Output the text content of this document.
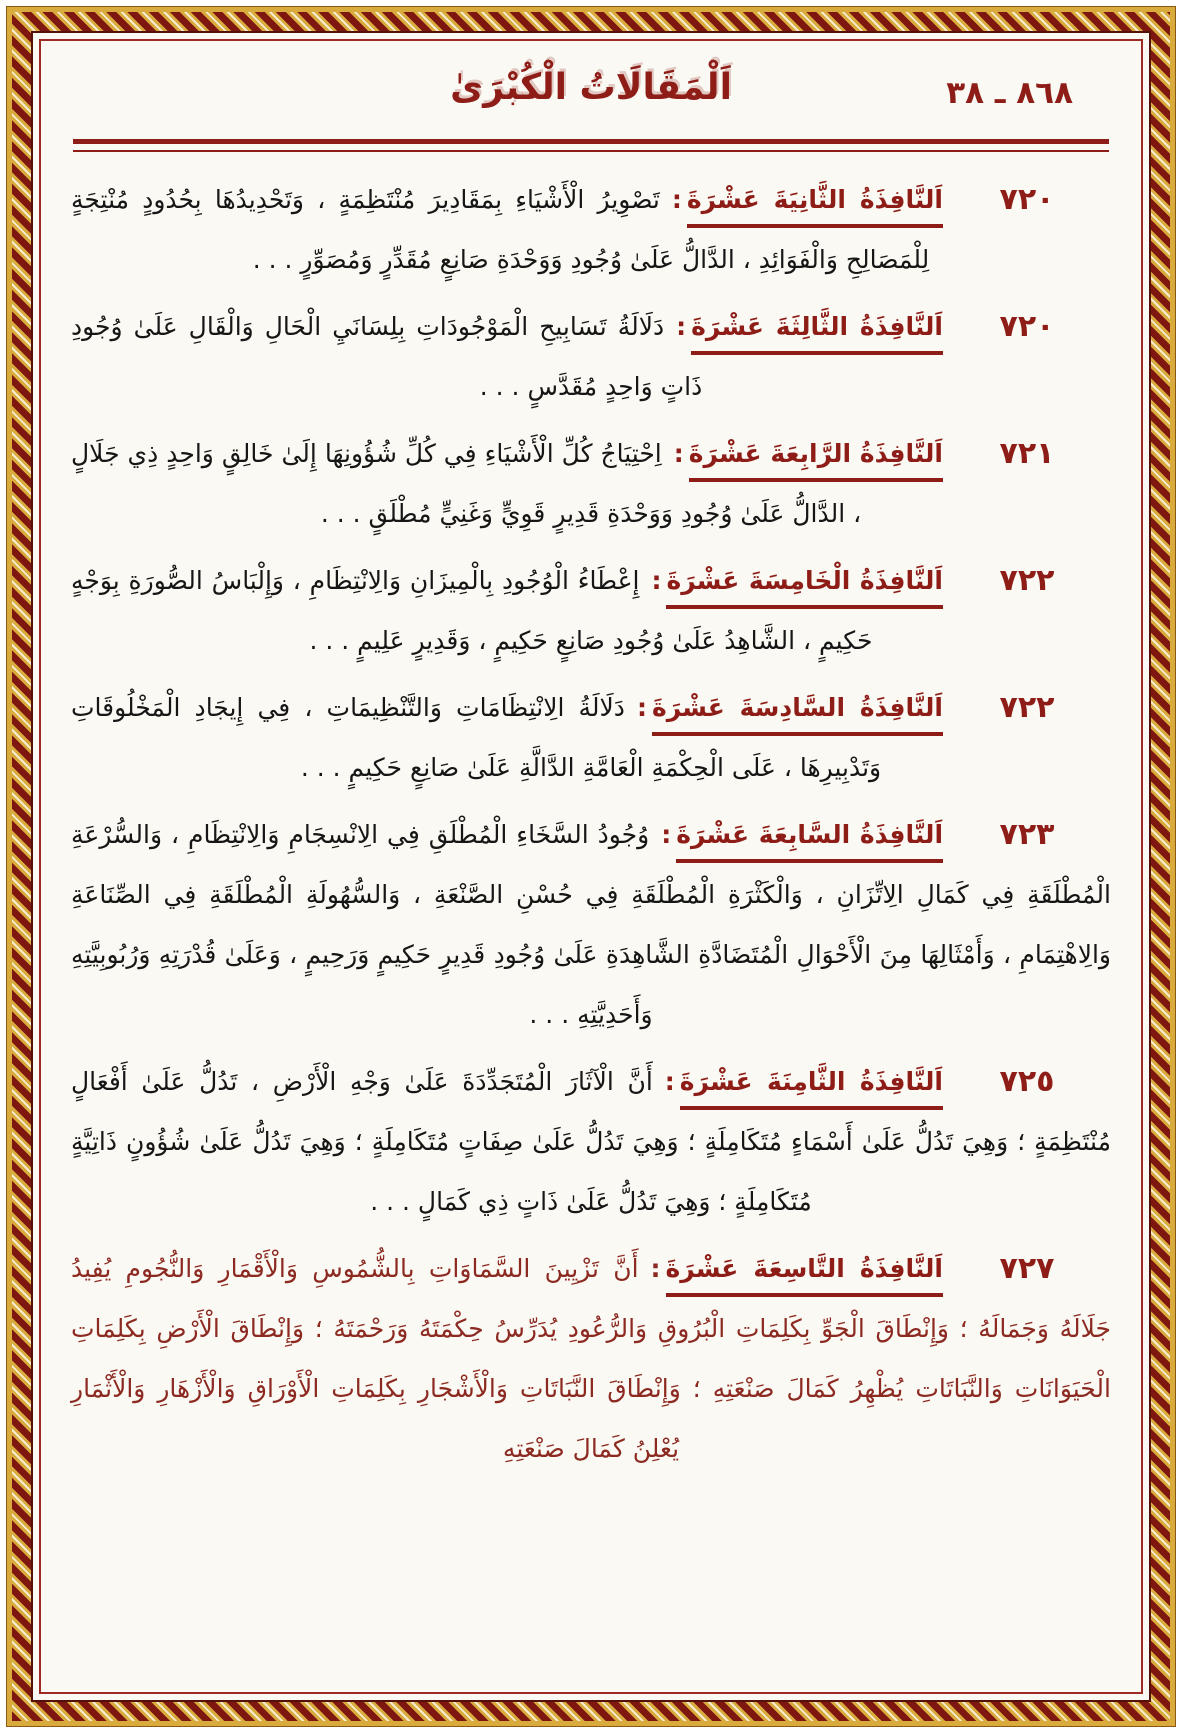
٨٦٨ ـ ٣٨
اَلْمَقَالَاتُ الْكُبْرَىٰ
٧٢٠
اَلنَّافِذَةُ الثَّانِيَةَ عَشْرَةَ:تَصْوِيرُ الْأَشْيَاءِ بِمَقَادِيرَ مُنْتَظِمَةٍ ، وَتَحْدِيدُهَا بِحُدُودٍ مُنْتِجَةٍ لِلْمَصَالِحِ وَالْفَوَائِدِ ، الدَّالُّ عَلَىٰ وُجُودِ وَوَحْدَةِ صَانِعٍ مُقَدِّرٍ وَمُصَوِّرٍ . . .
٧٢٠
اَلنَّافِذَةُ الثَّالِثَةَ عَشْرَةَ:دَلَالَةُ تَسَابِيحِ الْمَوْجُودَاتِ بِلِسَانَيِ الْحَالِ وَالْقَالِ عَلَىٰ وُجُودِ ذَاتٍ وَاحِدٍ مُقَدَّسٍ . . .
٧٢١
اَلنَّافِذَةُ الرَّابِعَةَ عَشْرَةَ:اِحْتِيَاجُ كُلِّ الْأَشْيَاءِ فِي كُلِّ شُؤُونِهَا إِلَىٰ خَالِقٍ وَاحِدٍ ذِي جَلَالٍ ، الدَّالُّ عَلَىٰ وُجُودِ وَوَحْدَةِ قَدِيرٍ قَوِيٍّ وَغَنِيٍّ مُطْلَقٍ . . .
٧٢٢
اَلنَّافِذَةُ الْخَامِسَةَ عَشْرَةَ:إِعْطَاءُ الْوُجُودِ بِالْمِيزَانِ وَالِانْتِظَامِ ، وَإِلْبَاسُ الصُّورَةِ بِوَجْهٍ حَكِيمٍ ، الشَّاهِدُ عَلَىٰ وُجُودِ صَانِعٍ حَكِيمٍ ، وَقَدِيرٍ عَلِيمٍ . . .
٧٢٢
اَلنَّافِذَةُ السَّادِسَةَ عَشْرَةَ:دَلَالَةُ الِانْتِظَامَاتِ وَالتَّنْظِيمَاتِ ، فِي إِيجَادِ الْمَخْلُوقَاتِ وَتَدْبِيرِهَا ، عَلَى الْحِكْمَةِ الْعَامَّةِ الدَّالَّةِ عَلَىٰ صَانِعٍ حَكِيمٍ . . .
٧٢٣
اَلنَّافِذَةُ السَّابِعَةَ عَشْرَةَ:وُجُودُ السَّخَاءِ الْمُطْلَقِ فِي الِانْسِجَامِ وَالِانْتِظَامِ ، وَالسُّرْعَةِ الْمُطْلَقَةِ فِي كَمَالِ الِاتِّزَانِ ، وَالْكَثْرَةِ الْمُطْلَقَةِ فِي حُسْنِ الصَّنْعَةِ ، وَالسُّهُولَةِ الْمُطْلَقَةِ فِي الصِّنَاعَةِ وَالِاهْتِمَامِ ، وَأَمْثَالِهَا مِنَ الْأَحْوَالِ الْمُتَضَادَّةِ الشَّاهِدَةِ عَلَىٰ وُجُودِ قَدِيرٍ حَكِيمٍ وَرَحِيمٍ ، وَعَلَىٰ قُدْرَتِهِ وَرُبُوبِيَّتِهِ وَأَحَدِيَّتِهِ . . .
٧٢٥
اَلنَّافِذَةُ الثَّامِنَةَ عَشْرَةَ:أَنَّ الْآثَارَ الْمُتَجَدِّدَةَ عَلَىٰ وَجْهِ الْأَرْضِ ، تَدُلُّ عَلَىٰ أَفْعَالٍ مُنْتَظِمَةٍ ؛ وَهِيَ تَدُلُّ عَلَىٰ أَسْمَاءٍ مُتَكَامِلَةٍ ؛ وَهِيَ تَدُلُّ عَلَىٰ صِفَاتٍ مُتَكَامِلَةٍ ؛ وَهِيَ تَدُلُّ عَلَىٰ شُؤُونٍ ذَاتِيَّةٍ مُتَكَامِلَةٍ ؛ وَهِيَ تَدُلُّ عَلَىٰ ذَاتٍ ذِي كَمَالٍ . . .
٧٢٧
اَلنَّافِذَةُ التَّاسِعَةَ عَشْرَةَ:أَنَّ تَزْيِينَ السَّمَاوَاتِ بِالشُّمُوسِ وَالْأَقْمَارِ وَالنُّجُومِ يُفِيدُ جَلَالَهُ وَجَمَالَهُ ؛ وَإِنْطَاقَ الْجَوِّ بِكَلِمَاتِ الْبُرُوقِ وَالرُّعُودِ يُدَرِّسُ حِكْمَتَهُ وَرَحْمَتَهُ ؛ وَإِنْطَاقَ الْأَرْضِ بِكَلِمَاتِ الْحَيَوَانَاتِ وَالنَّبَاتَاتِ يُظْهِرُ كَمَالَ صَنْعَتِهِ ؛ وَإِنْطَاقَ النَّبَاتَاتِ وَالْأَشْجَارِ بِكَلِمَاتِ الْأَوْرَاقِ وَالْأَزْهَارِ وَالْأَثْمَارِ يُعْلِنُ كَمَالَ صَنْعَتِهِ
